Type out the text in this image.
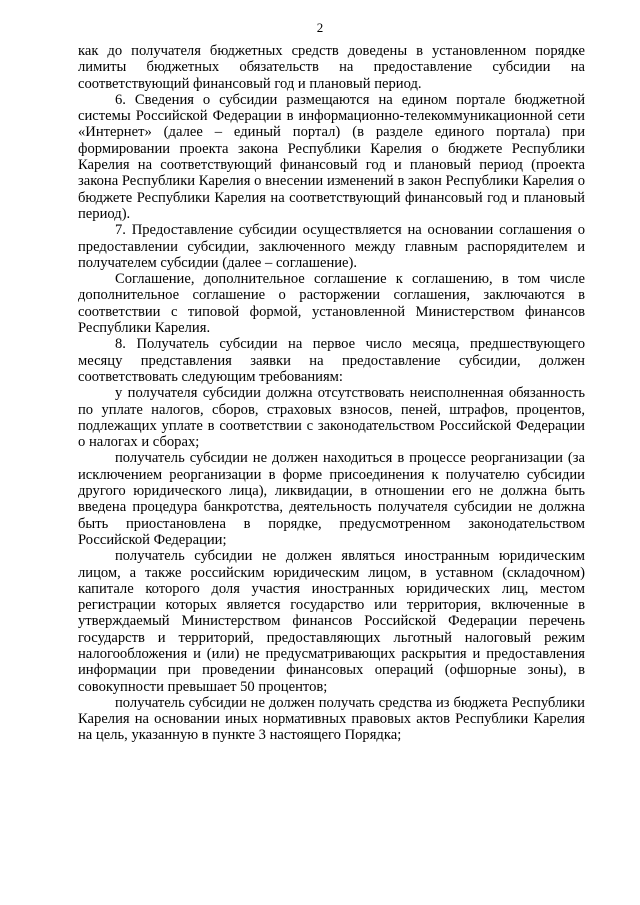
2

как до получателя бюджетных средств доведены в установленном порядке лимиты бюджетных обязательств на предоставление субсидии на соответствующий финансовый год и плановый период.

6. Сведения о субсидии размещаются на едином портале бюджетной системы Российской Федерации в информационно-телекоммуникационной сети «Интернет» (далее – единый портал) (в разделе единого портала) при формировании проекта закона Республики Карелия о бюджете Республики Карелия на соответствующий финансовый год и плановый период (проекта закона Республики Карелия о внесении изменений в закон Республики Карелия о бюджете Республики Карелия на соответствующий финансовый год и плановый период).

7. Предоставление субсидии осуществляется на основании соглашения о предоставлении субсидии, заключенного между главным распорядителем и получателем субсидии (далее – соглашение).

Соглашение, дополнительное соглашение к соглашению, в том числе дополнительное соглашение о расторжении соглашения, заключаются в соответствии с типовой формой, установленной Министерством финансов Республики Карелия.

8. Получатель субсидии на первое число месяца, предшествующего месяцу представления заявки на предоставление субсидии, должен соответствовать следующим требованиям:

у получателя субсидии должна отсутствовать неисполненная обязанность по уплате налогов, сборов, страховых взносов, пеней, штрафов, процентов, подлежащих уплате в соответствии с законодательством Российской Федерации о налогах и сборах;

получатель субсидии не должен находиться в процессе реорганизации (за исключением реорганизации в форме присоединения к получателю субсидии другого юридического лица), ликвидации, в отношении его не должна быть введена процедура банкротства, деятельность получателя субсидии не должна быть приостановлена в порядке, предусмотренном законодательством Российской Федерации;

получатель субсидии не должен являться иностранным юридическим лицом, а также российским юридическим лицом, в уставном (складочном) капитале которого доля участия иностранных юридических лиц, местом регистрации которых является государство или территория, включенные в утверждаемый Министерством финансов Российской Федерации перечень государств и территорий, предоставляющих льготный налоговый режим налогообложения и (или) не предусматривающих раскрытия и предоставления информации при проведении финансовых операций (офшорные зоны), в совокупности превышает 50 процентов;

получатель субсидии не должен получать средства из бюджета Республики Карелия на основании иных нормативных правовых актов Республики Карелия на цель, указанную в пункте 3 настоящего Порядка;
